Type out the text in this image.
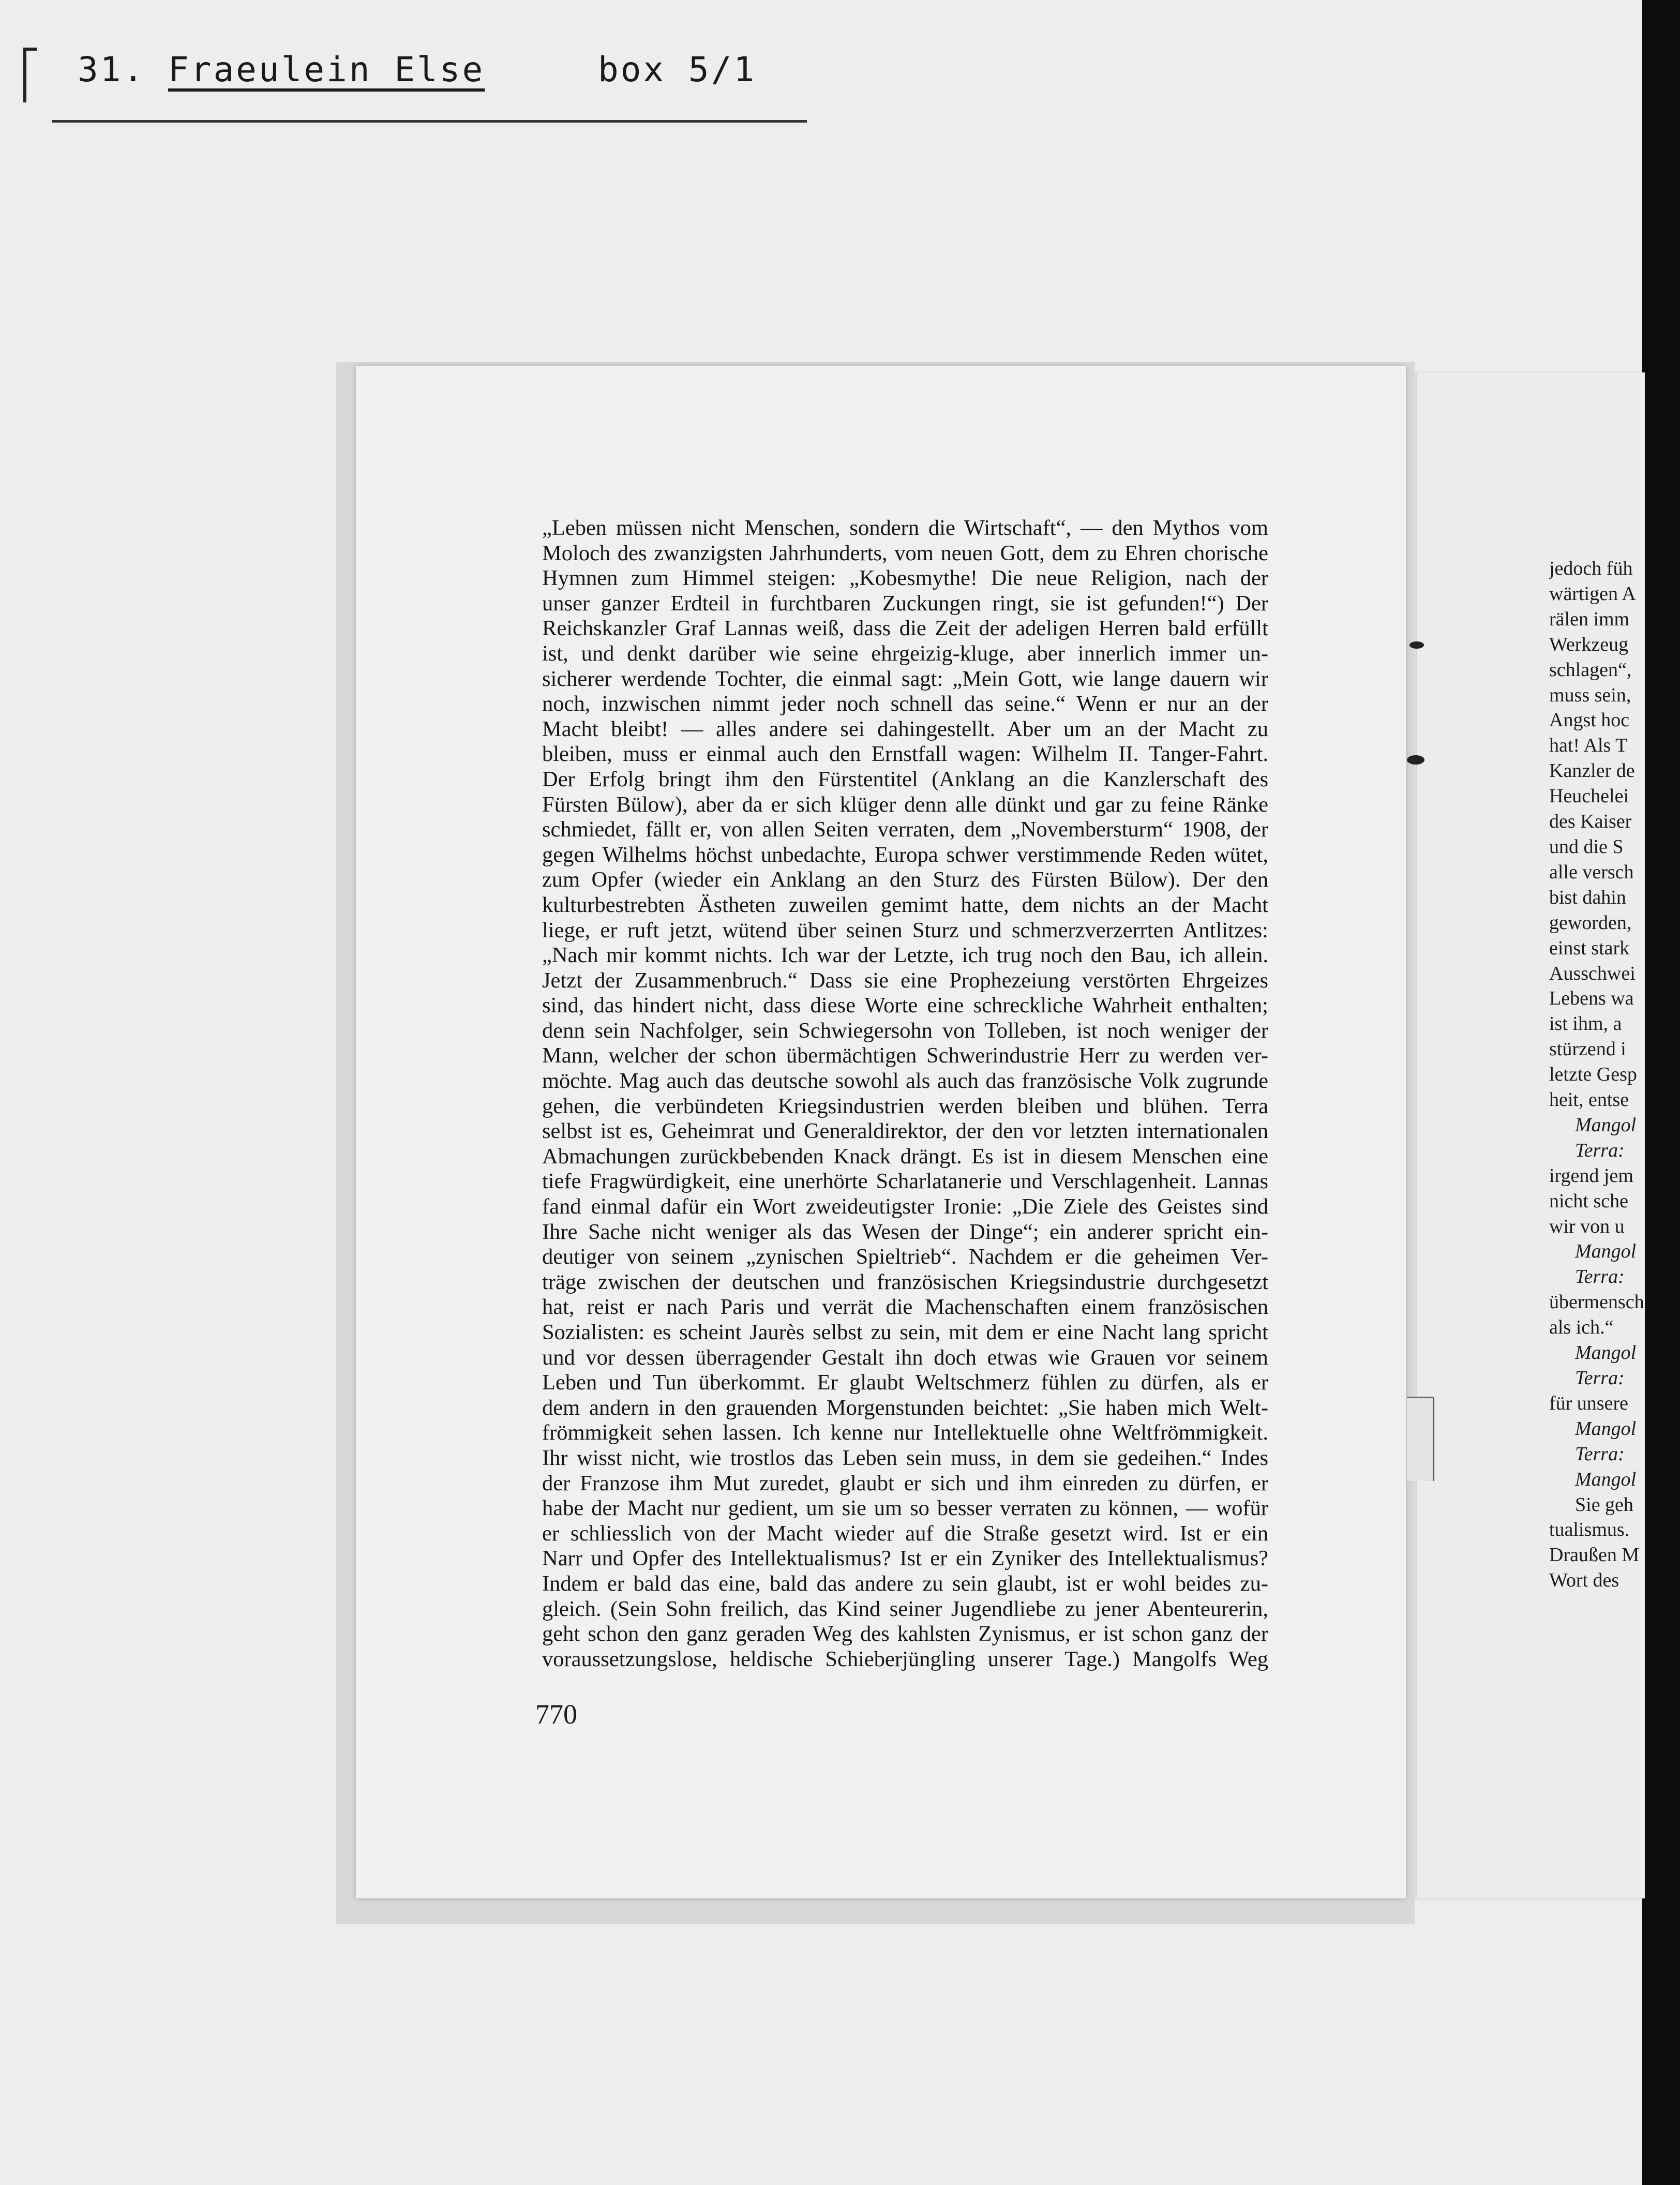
31. Fraeulein Else	box 5/1
jedoch füh
wärtigen A
rälen imm
Werkzeug
schlagen“,
muss sein,
Angst hoc
hat! Als T
Kanzler de
Heuchelei
des Kaiser
und die S
alle versch
bist dahin
geworden,
einst stark
Ausschwei
Lebens wa
ist ihm, a
stürzend i
letzte Gesp
heit, entse
Mangol
Terra:
irgend jem
nicht sche
wir von u
Mangol
Terra:
übermensch
als ich.“
Mangol
Terra:
für unsere
Mangol
Terra:
Mangol
Sie geh
tualismus.
Draußen M
Wort des
„Leben müssen nicht Menschen, sondern die Wirtschaft“, — den Mythos vom
Moloch des zwanzigsten Jahrhunderts, vom neuen Gott, dem zu Ehren chorische
Hymnen zum Himmel steigen: „Kobesmythe! Die neue Religion, nach der
unser ganzer Erdteil in furchtbaren Zuckungen ringt, sie ist gefunden!“) Der
Reichskanzler Graf Lannas weiß, dass die Zeit der adeligen Herren bald erfüllt
ist, und denkt darüber wie seine ehrgeizig-kluge, aber innerlich immer un-
sicherer werdende Tochter, die einmal sagt: „Mein Gott, wie lange dauern wir
noch, inzwischen nimmt jeder noch schnell das seine.“ Wenn er nur an der
Macht bleibt! — alles andere sei dahingestellt. Aber um an der Macht zu
bleiben, muss er einmal auch den Ernstfall wagen: Wilhelm II. Tanger-Fahrt.
Der Erfolg bringt ihm den Fürstentitel (Anklang an die Kanzlerschaft des
Fürsten Bülow), aber da er sich klüger denn alle dünkt und gar zu feine Ränke
schmiedet, fällt er, von allen Seiten verraten, dem „Novembersturm“ 1908, der
gegen Wilhelms höchst unbedachte, Europa schwer verstimmende Reden wütet,
zum Opfer (wieder ein Anklang an den Sturz des Fürsten Bülow). Der den
kulturbestrebten Ästheten zuweilen gemimt hatte, dem nichts an der Macht
liege, er ruft jetzt, wütend über seinen Sturz und schmerzverzerrten Antlitzes:
„Nach mir kommt nichts. Ich war der Letzte, ich trug noch den Bau, ich allein.
Jetzt der Zusammenbruch.“ Dass sie eine Prophezeiung verstörten Ehrgeizes
sind, das hindert nicht, dass diese Worte eine schreckliche Wahrheit enthalten;
denn sein Nachfolger, sein Schwiegersohn von Tolleben, ist noch weniger der
Mann, welcher der schon übermächtigen Schwerindustrie Herr zu werden ver-
möchte. Mag auch das deutsche sowohl als auch das französische Volk zugrunde
gehen, die verbündeten Kriegsindustrien werden bleiben und blühen. Terra
selbst ist es, Geheimrat und Generaldirektor, der den vor letzten internationalen
Abmachungen zurückbebenden Knack drängt. Es ist in diesem Menschen eine
tiefe Fragwürdigkeit, eine unerhörte Scharlatanerie und Verschlagenheit. Lannas
fand einmal dafür ein Wort zweideutigster Ironie: „Die Ziele des Geistes sind
Ihre Sache nicht weniger als das Wesen der Dinge“; ein anderer spricht ein-
deutiger von seinem „zynischen Spieltrieb“. Nachdem er die geheimen Ver-
träge zwischen der deutschen und französischen Kriegsindustrie durchgesetzt
hat, reist er nach Paris und verrät die Machenschaften einem französischen
Sozialisten: es scheint Jaurès selbst zu sein, mit dem er eine Nacht lang spricht
und vor dessen überragender Gestalt ihn doch etwas wie Grauen vor seinem
Leben und Tun überkommt. Er glaubt Weltschmerz fühlen zu dürfen, als er
dem andern in den grauenden Morgenstunden beichtet: „Sie haben mich Welt-
frömmigkeit sehen lassen. Ich kenne nur Intellektuelle ohne Weltfrömmigkeit.
Ihr wisst nicht, wie trostlos das Leben sein muss, in dem sie gedeihen.“ Indes
der Franzose ihm Mut zuredet, glaubt er sich und ihm einreden zu dürfen, er
habe der Macht nur gedient, um sie um so besser verraten zu können, — wofür
er schliesslich von der Macht wieder auf die Straße gesetzt wird. Ist er ein
Narr und Opfer des Intellektualismus? Ist er ein Zyniker des Intellektualismus?
Indem er bald das eine, bald das andere zu sein glaubt, ist er wohl beides zu-
gleich. (Sein Sohn freilich, das Kind seiner Jugendliebe zu jener Abenteurerin,
geht schon den ganz geraden Weg des kahlsten Zynismus, er ist schon ganz der
voraussetzungslose, heldische Schieberjüngling unserer Tage.) Mangolfs Weg
770
